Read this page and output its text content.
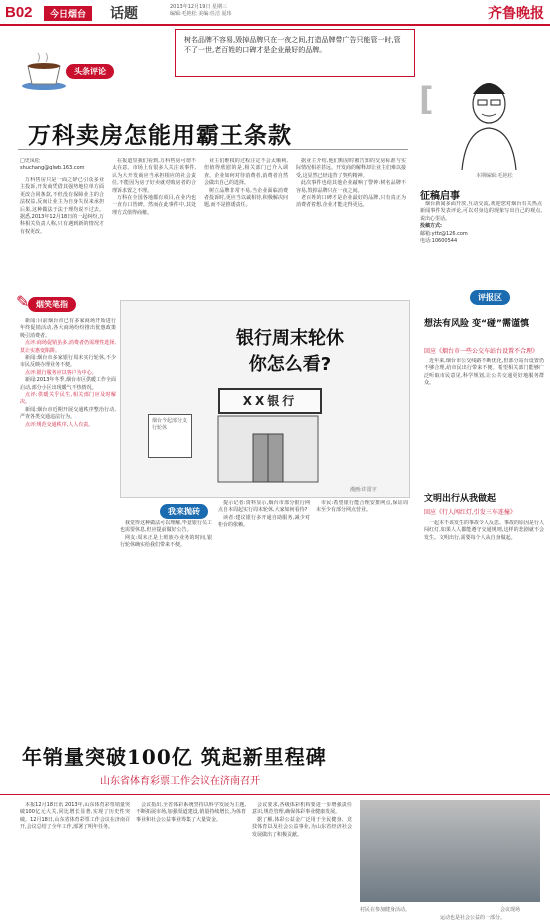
B02	今日烟台	话题	2013年12月19日 星期三
编辑:毛艳松 美编:任洁 夏玮	齐鲁晚报
头条评论
树名品牌不容易,毁掉品牌只在一夜之间,打造品牌带广告只能管一时,管不了一世,老百姓的口碑才是企业最好的品牌。
[
本期编辑:毛艳松
万科卖房怎能用霸王条款
□史凤松
shuchang@qlwb.163.com

万科售房只是一面之辞已引众多业主投诉,开发商凭借其强势地位单方面更改合同条款,不但没有保障业主的合法权益,反而让业主为自身失误来承担后果,这种做法于法于理均说不过去。据悉,2013年12月18日的一起纠纷,万科相关负责人称,只有遇到新的情况才有权更改。

在报道里我们看到,万科售房可谓不太在意。市场上有很多人关注该事件,认为大开发商应当承担相应的社会责任,不能因为房子好卖就对购房者的合理诉求置之不理。

万科在全国各地都有项目,在业内也一直有口皆碑。然而在此事件中,其处理方式值得商榷。

业主们维权的过程注定不会太顺利,但值得欣慰的是,相关部门已介入调查。企业如何对待消费者,消费者自然会做出自己的选择。

树立品牌非常不易,当企业面临消费者投诉时,更应当以诚相待,积极解决问题,而不是推诿责任。

据业主介绍,他们购房时被告知的交房标准与实际情况相差甚远。开发商的解释却让业主们难以接受,这显然已经违背了契约精神。

此次事件也给其他企业敲响了警钟:树名品牌不容易,毁掉品牌只在一夜之间。

老百姓的口碑才是企业最好的品牌,只有真正为消费者着想,企业才能走得更远。

征稿启事

烟台新闻多面开放,互动交流,欢迎您对烟台有关热点新闻事件发表评论,可以对身边的现象写出自己的观点,说出心里话。

投稿方式:
邮箱:ytfz@126.com
电话:10600544
烟笑笔指
✎

新闻:目前烟台市已有多家商场开始进行年终促销活动,各大商场纷纷推出优惠政策吸引消费者。

点评:商场促销虽多,消费者仍需理性选择,莫让实惠变陷阱。

新闻:烟台市多家银行周末实行轮休,不少市民反映办理业务不便。

点评:银行服务应以客户为中心。

新闻:2013年冬季,烟台市区供暖工作全面启动,部分小区出现暖气不热情况。

点评:供暖关乎民生,相关部门应及时解决。

新闻:烟台市近期开展交通秩序整治行动,严查各类交通违法行为。

点评:规范交通秩序,人人有责。

银行周末轮休
你怎么看?
XX银行
烟台今起部分支行轮休
漫画:许雷宇
我来抛砖

我觉得这种做法可以理解,毕竟银行员工也需要休息,但应提前做好公告。

网友:周末正是上班族办业务的时间,银行轮休确实给我们带来不便。

提示记者:资料显示,烟台市部分银行网点自本周起实行周末轮休,大家如何看待?

读者:建议银行多开通自助服务,减少对柜台的依赖。

市民:希望银行能合理安排网点,保证周末至少有部分网点营业。

评报区
想法有风险 变“碰”需谨慎
回应《烟台市一些公交车站台设置不合理》

近年来,烟台市公交线路不断优化,但部分站台设置仍不够合理,给市民出行带来不便。希望相关部门能够广泛听取市民意见,科学规划,让公共交通更好地服务群众。

文明出行从我做起
回应《行人闯红灯,引发三车连撞》

一起本不该发生的事故令人反思。事故的原因是行人闯红灯,如果人人都能遵守交通规则,这样的悲剧就不会发生。文明出行,需要每个人从自身做起。

年销量突破100亿 筑起新里程碑
山东省体育彩票工作会议在济南召开

本报12月18日讯 2013年,山东体育彩票销量突破100亿元大关,同比增长显著,实现了历史性突破。12月18日,山东省体育彩票工作会议在济南召开,会议总结了全年工作,部署了明年任务。

会议指出,全省体彩系统坚持以科学发展为主题,不断拓展市场,加强渠道建设,销量持续增长,为体育事业和社会公益事业筹集了大量资金。

会议要求,各级体彩机构要进一步增强责任意识,规范管理,确保体彩事业健康发展。

据了解,体彩公益金广泛用于全民健身、竞技体育以及社会公益事业,为山东省经济社会发展做出了积极贡献。

会议现场
村民在参加健身活动。
运动也是社会公益的一部分。
